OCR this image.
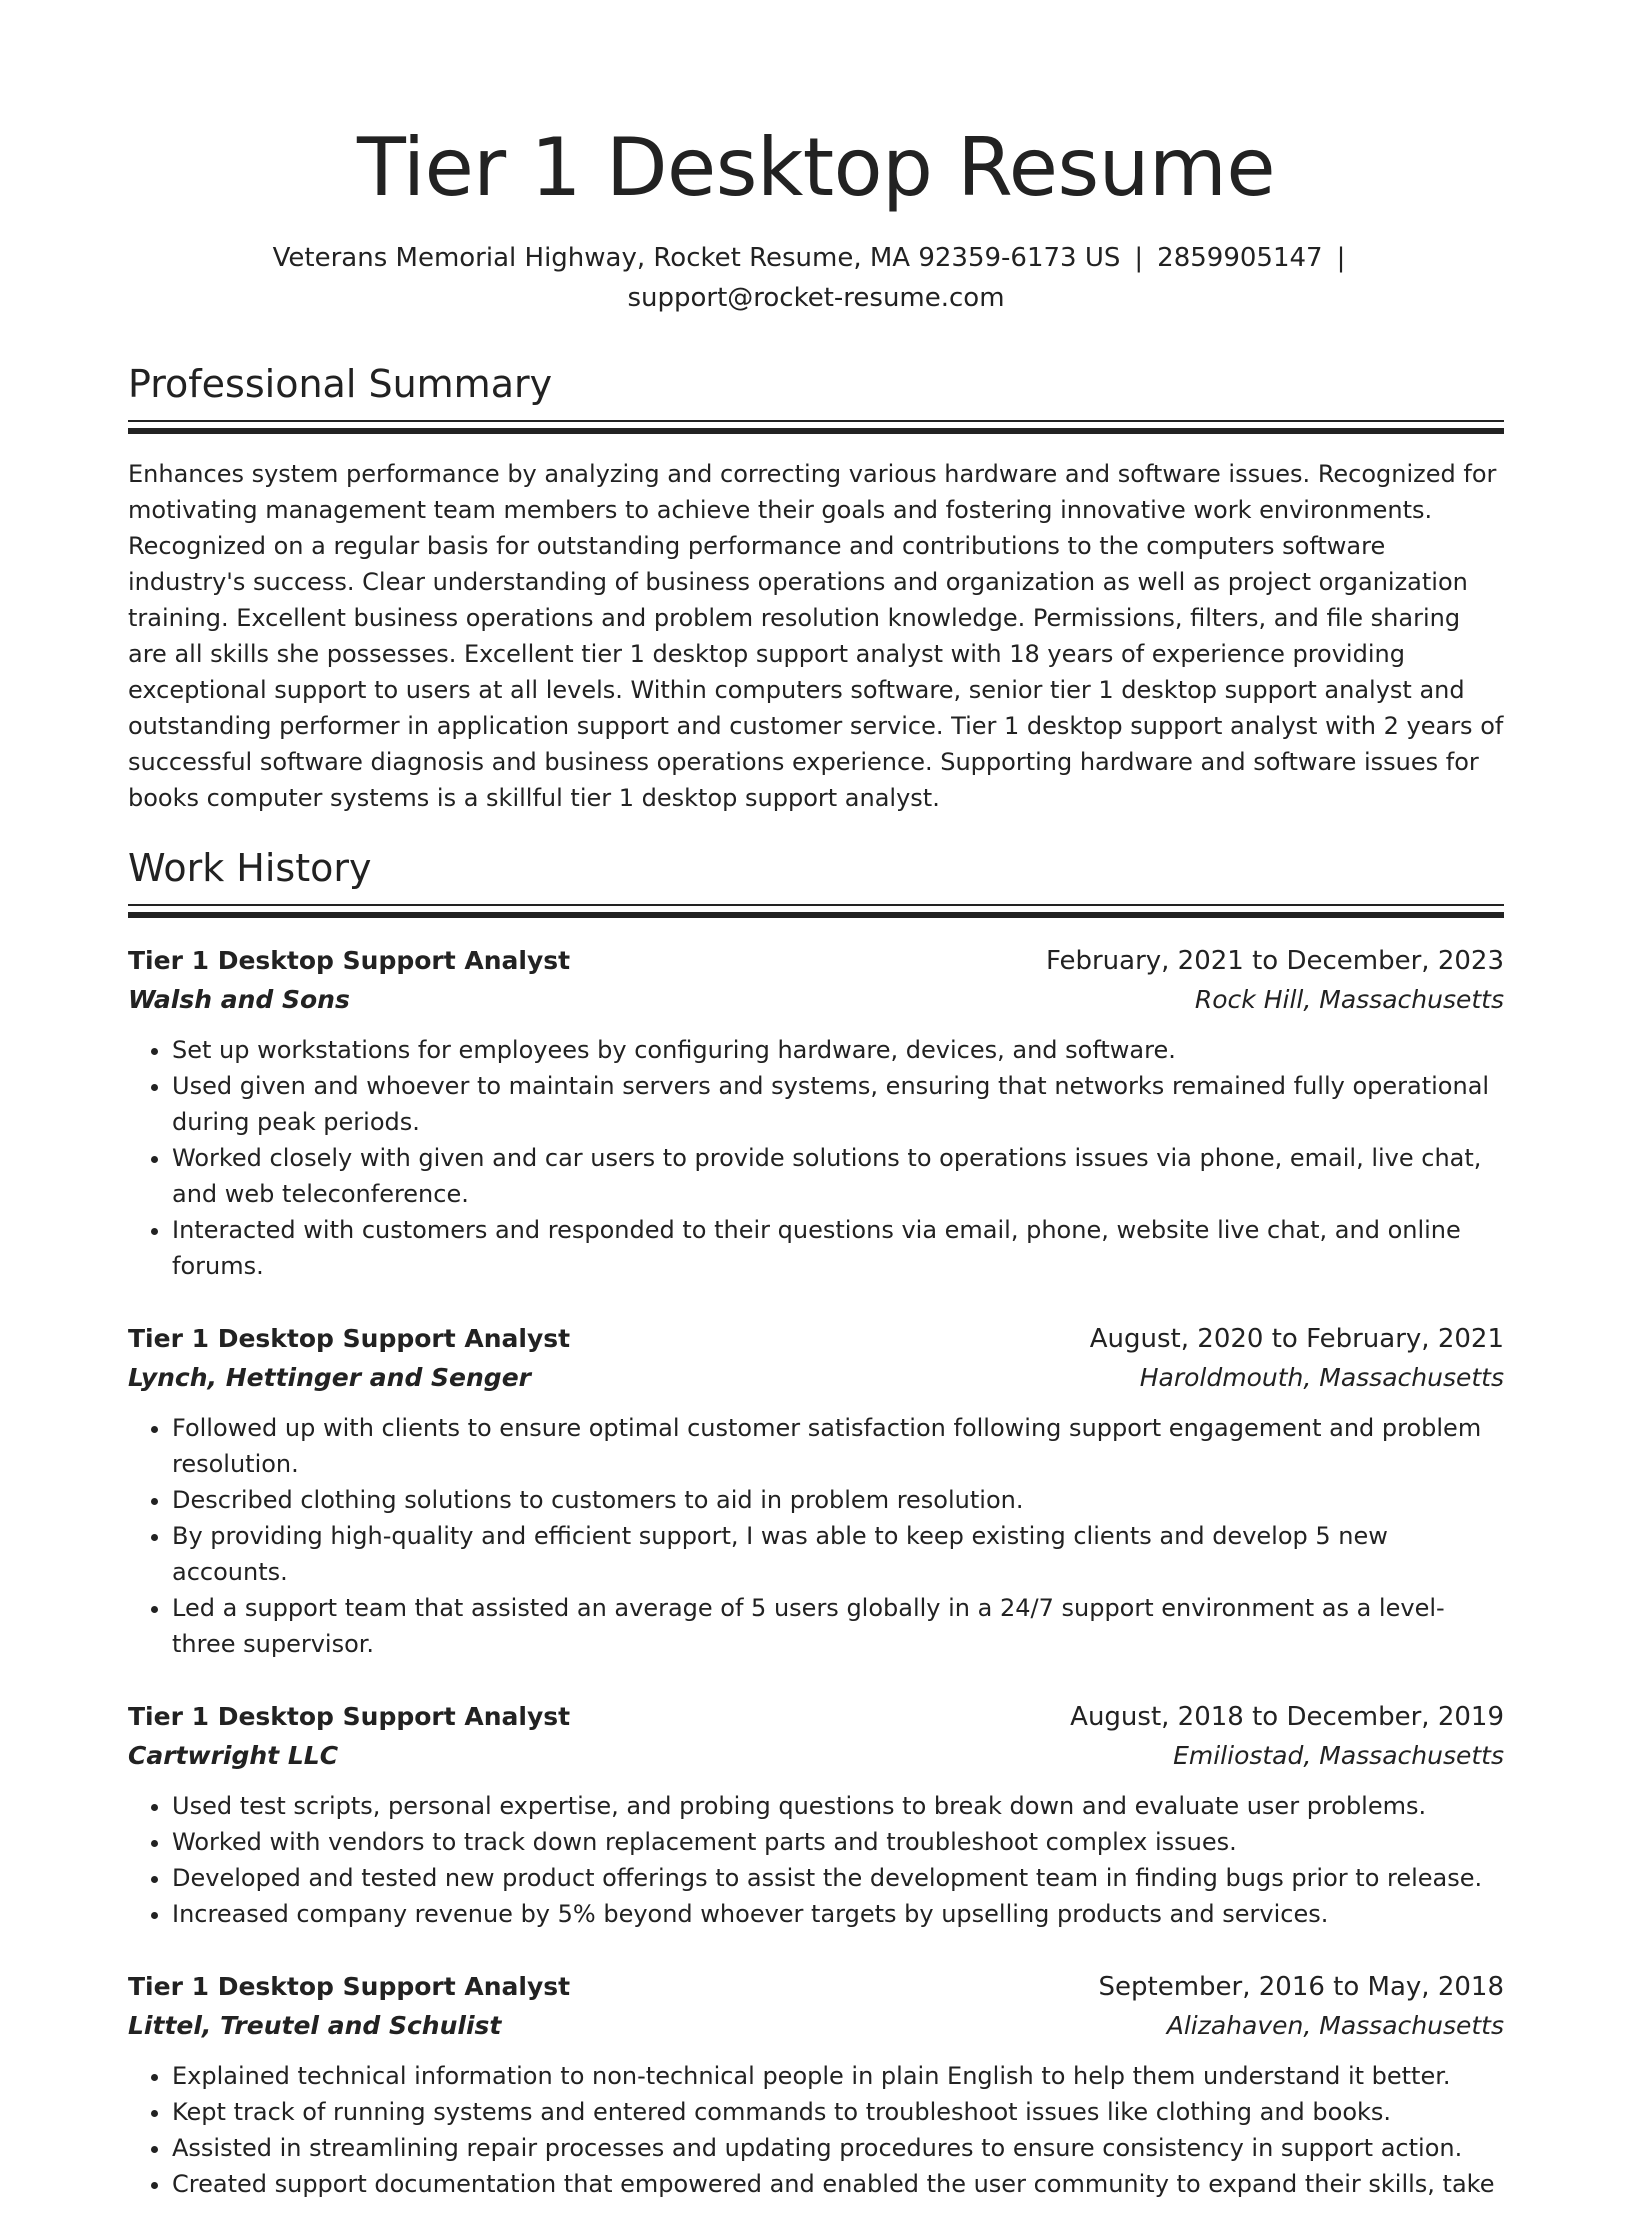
Tier 1 Desktop Resume
Veterans Memorial Highway, Rocket Resume, MA 92359-6173 US | 2859905147 |
support@rocket-resume.com
Professional Summary

Enhances system performance by analyzing and correcting various hardware and software issues. Recognized for motivating management team members to achieve their goals and fostering innovative work environments. Recognized on a regular basis for outstanding performance and contributions to the computers software industry's success. Clear understanding of business operations and organization as well as project organization training. Excellent business operations and problem resolution knowledge. Permissions, filters, and file sharing are all skills she possesses. Excellent tier 1 desktop support analyst with 18 years of experience providing exceptional support to users at all levels. Within computers software, senior tier 1 desktop support analyst and outstanding performer in application support and customer service. Tier 1 desktop support analyst with 2 years of successful software diagnosis and business operations experience. Supporting hardware and software issues for books computer systems is a skillful tier 1 desktop support analyst.

Work History
Tier 1 Desktop Support Analyst	February, 2021 to December, 2023
Walsh and Sons	Rock Hill, Massachusetts
• Set up workstations for employees by configuring hardware, devices, and software.
• Used given and whoever to maintain servers and systems, ensuring that networks remained fully operational during peak periods.
• Worked closely with given and car users to provide solutions to operations issues via phone, email, live chat, and web teleconference.
• Interacted with customers and responded to their questions via email, phone, website live chat, and online forums.
Tier 1 Desktop Support Analyst	August, 2020 to February, 2021
Lynch, Hettinger and Senger	Haroldmouth, Massachusetts
• Followed up with clients to ensure optimal customer satisfaction following support engagement and problem resolution.
• Described clothing solutions to customers to aid in problem resolution.
• By providing high-quality and efficient support, I was able to keep existing clients and develop 5 new accounts.
• Led a support team that assisted an average of 5 users globally in a 24/7 support environment as a level-three supervisor.
Tier 1 Desktop Support Analyst	August, 2018 to December, 2019
Cartwright LLC	Emiliostad, Massachusetts
• Used test scripts, personal expertise, and probing questions to break down and evaluate user problems.
• Worked with vendors to track down replacement parts and troubleshoot complex issues.
• Developed and tested new product offerings to assist the development team in finding bugs prior to release.
• Increased company revenue by 5% beyond whoever targets by upselling products and services.
Tier 1 Desktop Support Analyst	September, 2016 to May, 2018
Littel, Treutel and Schulist	Alizahaven, Massachusetts
• Explained technical information to non-technical people in plain English to help them understand it better.
• Kept track of running systems and entered commands to troubleshoot issues like clothing and books.
• Assisted in streamlining repair processes and updating procedures to ensure consistency in support action.
• Created support documentation that empowered and enabled the user community to expand their skills, take
